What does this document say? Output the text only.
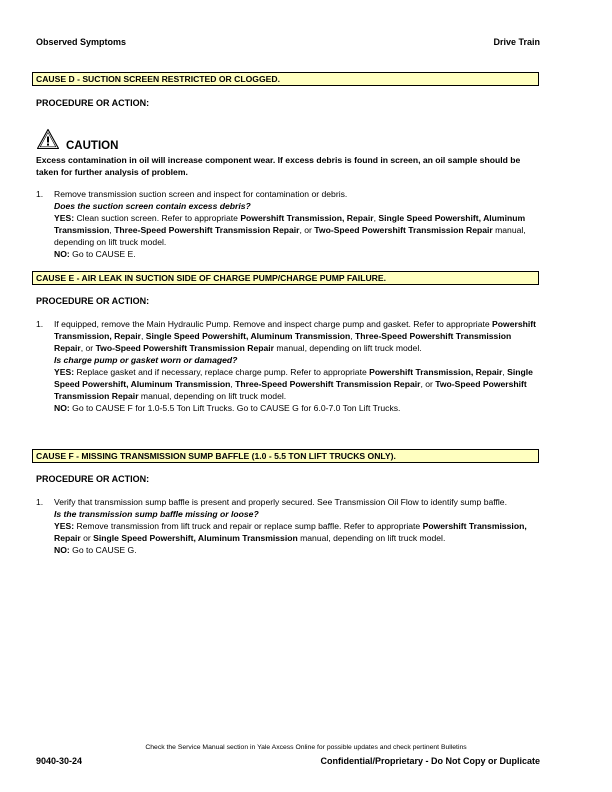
Observed Symptoms	Drive Train
CAUSE D - SUCTION SCREEN RESTRICTED OR CLOGGED.
PROCEDURE OR ACTION:
CAUTION
Excess contamination in oil will increase component wear. If excess debris is found in screen, an oil sample should be taken for further analysis of problem.
1. Remove transmission suction screen and inspect for contamination or debris.
Does the suction screen contain excess debris?
YES: Clean suction screen. Refer to appropriate Powershift Transmission, Repair, Single Speed Powershift, Aluminum Transmission, Three-Speed Powershift Transmission Repair, or Two-Speed Powershift Transmission Repair manual, depending on lift truck model.
NO: Go to CAUSE E.
CAUSE E - AIR LEAK IN SUCTION SIDE OF CHARGE PUMP/CHARGE PUMP FAILURE.
PROCEDURE OR ACTION:
1. If equipped, remove the Main Hydraulic Pump. Remove and inspect charge pump and gasket. Refer to appropriate Powershift Transmission, Repair, Single Speed Powershift, Aluminum Transmission, Three-Speed Powershift Transmission Repair, or Two-Speed Powershift Transmission Repair manual, depending on lift truck model.
Is charge pump or gasket worn or damaged?
YES: Replace gasket and if necessary, replace charge pump. Refer to appropriate Powershift Transmission, Repair, Single Speed Powershift, Aluminum Transmission, Three-Speed Powershift Transmission Repair, or Two-Speed Powershift Transmission Repair manual, depending on lift truck model.
NO: Go to CAUSE F for 1.0-5.5 Ton Lift Trucks. Go to CAUSE G for 6.0-7.0 Ton Lift Trucks.
CAUSE F - MISSING TRANSMISSION SUMP BAFFLE (1.0 - 5.5 TON LIFT TRUCKS ONLY).
PROCEDURE OR ACTION:
1. Verify that transmission sump baffle is present and properly secured. See Transmission Oil Flow to identify sump baffle.
Is the transmission sump baffle missing or loose?
YES: Remove transmission from lift truck and repair or replace sump baffle. Refer to appropriate Powershift Transmission, Repair or Single Speed Powershift, Aluminum Transmission manual, depending on lift truck model.
NO: Go to CAUSE G.
Check the Service Manual section in Yale Axcess Online for possible updates and check pertinent Bulletins
9040-30-24	Confidential/Proprietary - Do Not Copy or Duplicate
